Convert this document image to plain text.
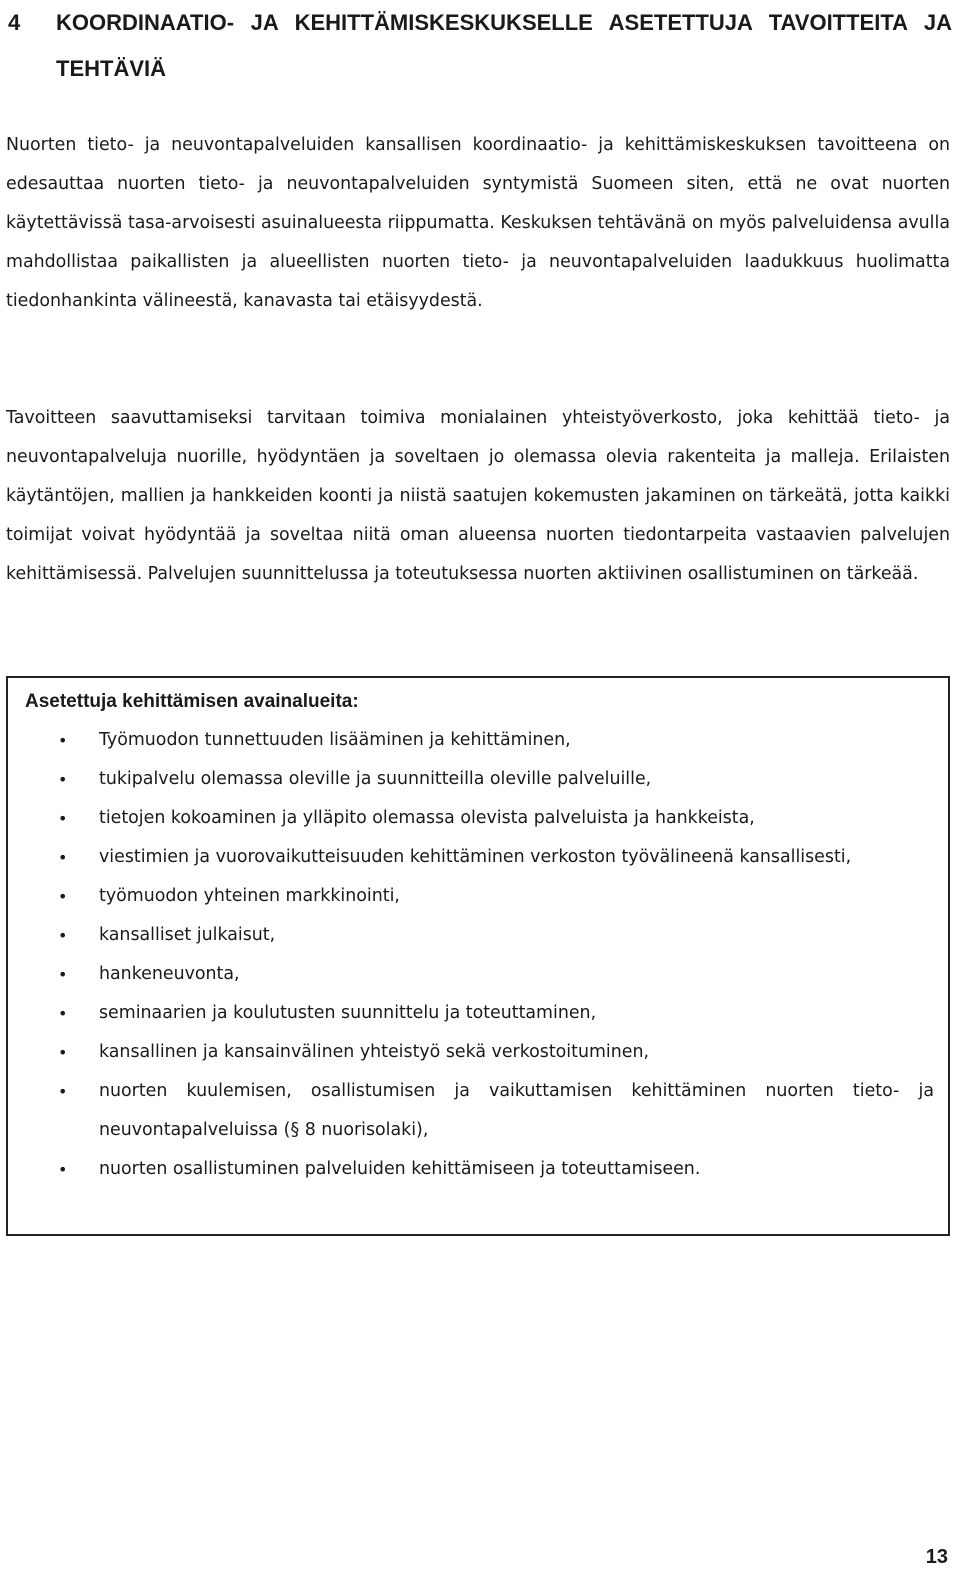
4 KOORDINAATIO- JA KEHITTÄMISKESKUKSELLE ASETETTUJA TAVOITTEITA JA TEHTÄVIÄ

Nuorten tieto- ja neuvontapalveluiden kansallisen koordinaatio- ja kehittämiskeskuksen tavoitteena on edesauttaa nuorten tieto- ja neuvontapalveluiden syntymistä Suomeen siten, että ne ovat nuorten käytettävissä tasa-arvoisesti asuinalueesta riippumatta. Keskuksen tehtävänä on myös palveluidensa avulla mahdollistaa paikallisten ja alueellisten nuorten tieto- ja neuvontapalveluiden laadukkuus huolimatta tiedonhankinta välineestä, kanavasta tai etäisyydestä.

Tavoitteen saavuttamiseksi tarvitaan toimiva monialainen yhteistyöverkosto, joka kehittää tieto- ja neuvontapalveluja nuorille, hyödyntäen ja soveltaen jo olemassa olevia rakenteita ja malleja. Erilaisten käytäntöjen, mallien ja hankkeiden koonti ja niistä saatujen kokemusten jakaminen on tärkeätä, jotta kaikki toimijat voivat hyödyntää ja soveltaa niitä oman alueensa nuorten tiedontarpeita vastaavien palvelujen kehittämisessä. Palvelujen suunnittelussa ja toteutuksessa nuorten aktiivinen osallistuminen on tärkeää.

Asetettuja kehittämisen avainalueita:

• Työmuodon tunnettuuden lisääminen ja kehittäminen,
• tukipalvelu olemassa oleville ja suunnitteilla oleville palveluille,
• tietojen kokoaminen ja ylläpito olemassa olevista palveluista ja hankkeista,
• viestimien ja vuorovaikutteisuuden kehittäminen verkoston työvälineenä kansallisesti,
• työmuodon yhteinen markkinointi,
• kansalliset julkaisut,
• hankeneuvonta,
• seminaarien ja koulutusten suunnittelu ja toteuttaminen,
• kansallinen ja kansainvälinen yhteistyö sekä verkostoituminen,
• nuorten kuulemisen, osallistumisen ja vaikuttamisen kehittäminen nuorten tieto- ja neuvontapalveluissa (§ 8 nuorisolaki),
• nuorten osallistuminen palveluiden kehittämiseen ja toteuttamiseen.
13
